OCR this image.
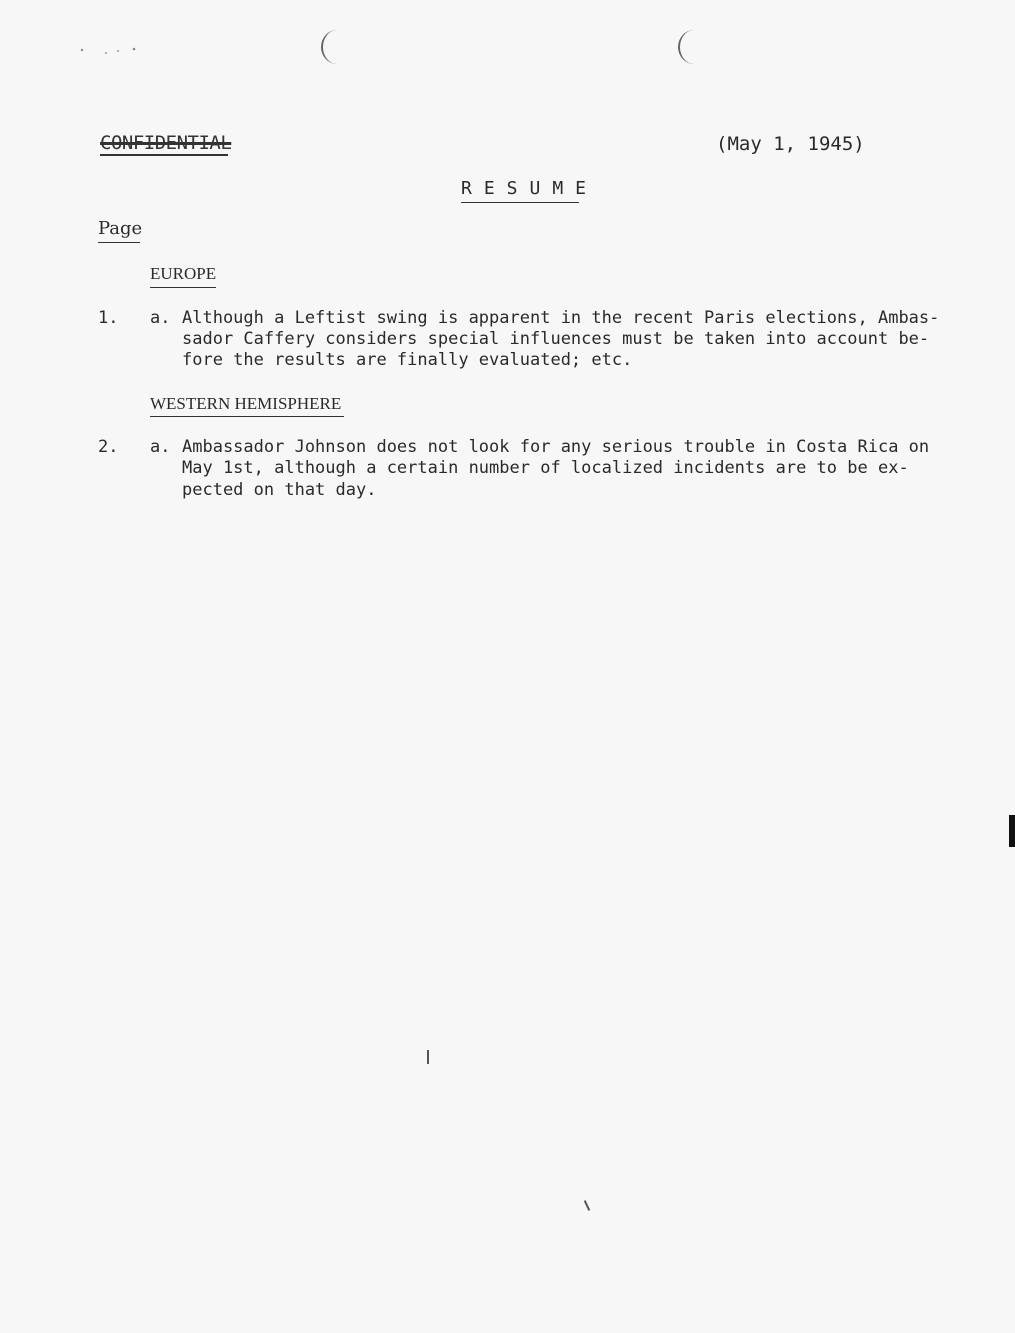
CONFIDENTIAL	(May 1, 1945)
RESUME
Page
EUROPE
1. a. Although a Leftist swing is apparent in the recent Paris elections, Ambas-
sador Caffery considers special influences must be taken into account be-
fore the results are finally evaluated; etc.
WESTERN HEMISPHERE
2. a. Ambassador Johnson does not look for any serious trouble in Costa Rica on
May 1st, although a certain number of localized incidents are to be ex-
pected on that day.
